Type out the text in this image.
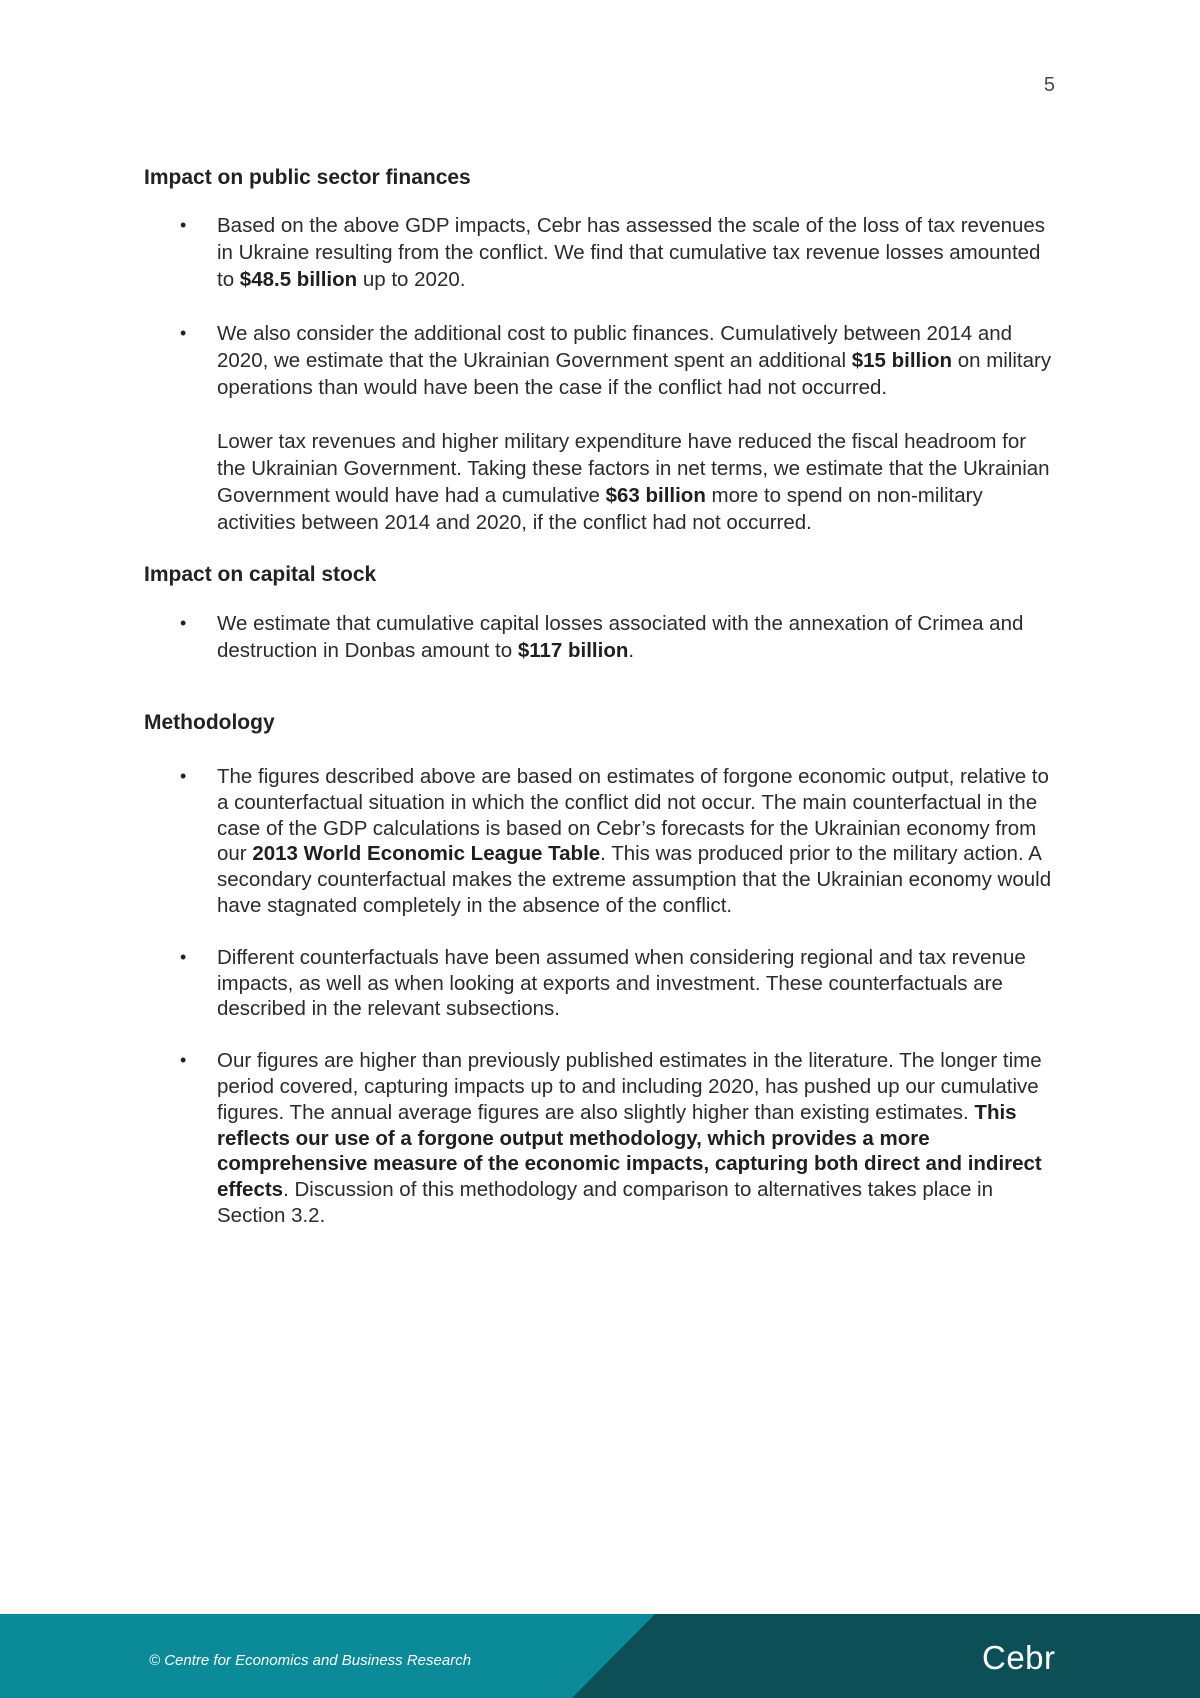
5
Impact on public sector finances

• Based on the above GDP impacts, Cebr has assessed the scale of the loss of tax revenues in Ukraine resulting from the conflict. We find that cumulative tax revenue losses amounted to $48.5 billion up to 2020.

• We also consider the additional cost to public finances. Cumulatively between 2014 and 2020, we estimate that the Ukrainian Government spent an additional $15 billion on military operations than would have been the case if the conflict had not occurred.

Lower tax revenues and higher military expenditure have reduced the fiscal headroom for the Ukrainian Government. Taking these factors in net terms, we estimate that the Ukrainian Government would have had a cumulative $63 billion more to spend on non-military activities between 2014 and 2020, if the conflict had not occurred.

Impact on capital stock

• We estimate that cumulative capital losses associated with the annexation of Crimea and destruction in Donbas amount to $117 billion.

Methodology

• The figures described above are based on estimates of forgone economic output, relative to a counterfactual situation in which the conflict did not occur. The main counterfactual in the case of the GDP calculations is based on Cebr’s forecasts for the Ukrainian economy from our 2013 World Economic League Table. This was produced prior to the military action. A secondary counterfactual makes the extreme assumption that the Ukrainian economy would have stagnated completely in the absence of the conflict.

• Different counterfactuals have been assumed when considering regional and tax revenue impacts, as well as when looking at exports and investment. These counterfactuals are described in the relevant subsections.

• Our figures are higher than previously published estimates in the literature. The longer time period covered, capturing impacts up to and including 2020, has pushed up our cumulative figures. The annual average figures are also slightly higher than existing estimates. This reflects our use of a forgone output methodology, which provides a more comprehensive measure of the economic impacts, capturing both direct and indirect effects. Discussion of this methodology and comparison to alternatives takes place in Section 3.2.

© Centre for Economics and Business Research	Cebr
